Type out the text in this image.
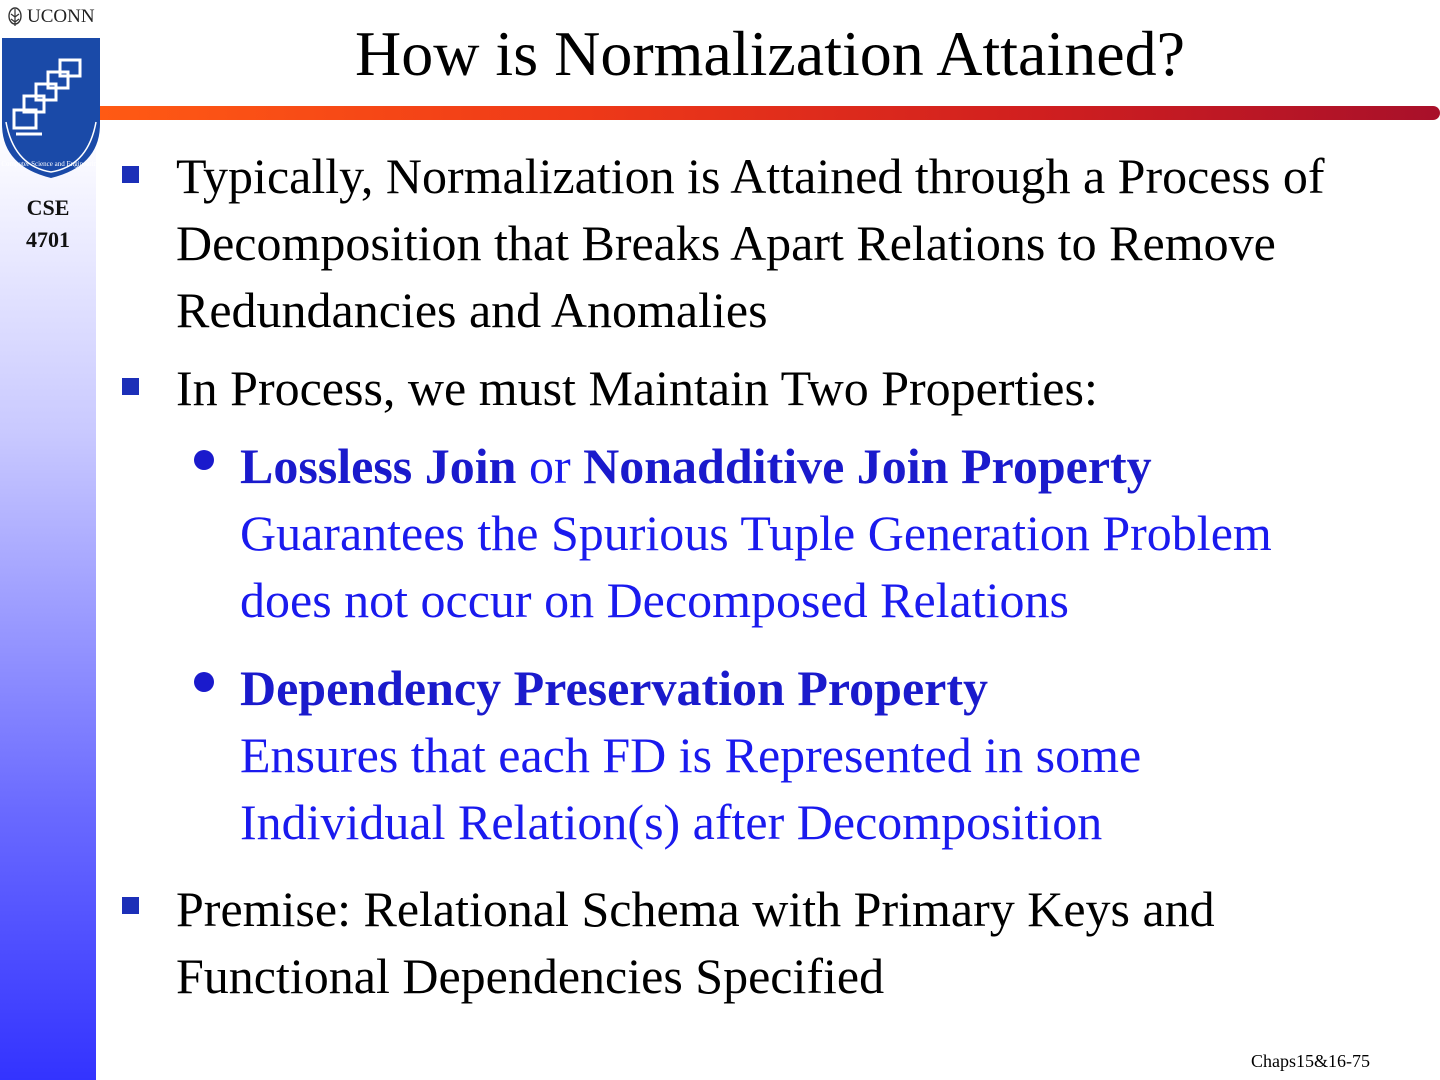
UCONN
Computer Science and Engineering
CSE
4701
How is Normalization Attained?
Typically, Normalization is Attained through a Process of Decomposition that Breaks Apart Relations to Remove Redundancies and Anomalies
In Process, we must Maintain Two Properties:
Lossless Join or Nonadditive Join Property
Guarantees the Spurious Tuple Generation Problem
does not occur on Decomposed Relations
Dependency Preservation Property
Ensures that each FD is Represented in some
Individual Relation(s) after Decomposition
Premise: Relational Schema with Primary Keys and Functional Dependencies Specified
Chaps15&16-75
